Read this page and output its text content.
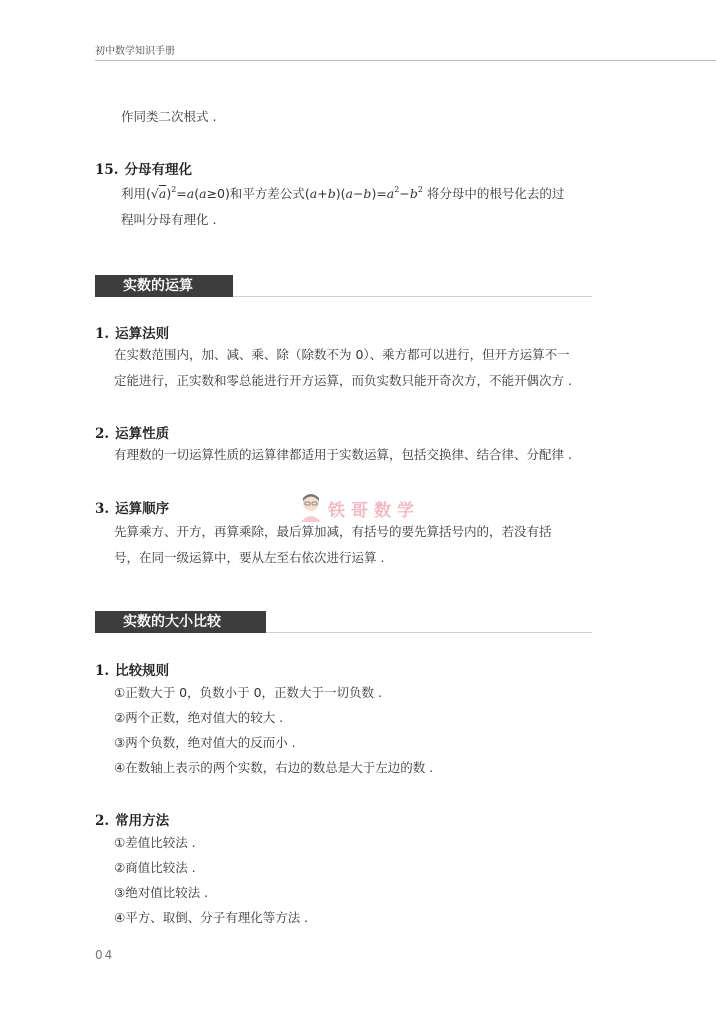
初中数学知识手册
作同类二次根式 .
15. 分母有理化
利用$(√a)^2=a(a\ge 0)$和平方差公式$(a+b)(a-b)=a^2-b^2$ 将分母中的根号化去的过
程叫分母有理化 .
实数的运算
1. 运算法则
在实数范围内，加、减、乘、除（除数不为 0）、乘方都可以进行，但开方运算不一
定能进行，正实数和零总能进行开方运算，而负实数只能开奇次方，不能开偶次方 .
2. 运算性质
有理数的一切运算性质的运算律都适用于实数运算，包括交换律、结合律、分配律 .
3. 运算顺序
先算乘方、开方，再算乘除，最后算加减，有括号的要先算括号内的，若没有括
号，在同一级运算中，要从左至右依次进行运算 .
铁哥数学
实数的大小比较
1. 比较规则
①正数大于 0，负数小于 0，正数大于一切负数 .
②两个正数，绝对值大的较大 .
③两个负数，绝对值大的反而小 .
④在数轴上表示的两个实数，右边的数总是大于左边的数 .
2. 常用方法
①差值比较法 .
②商值比较法 .
③绝对值比较法 .
④平方、取倒、分子有理化等方法 .
04
